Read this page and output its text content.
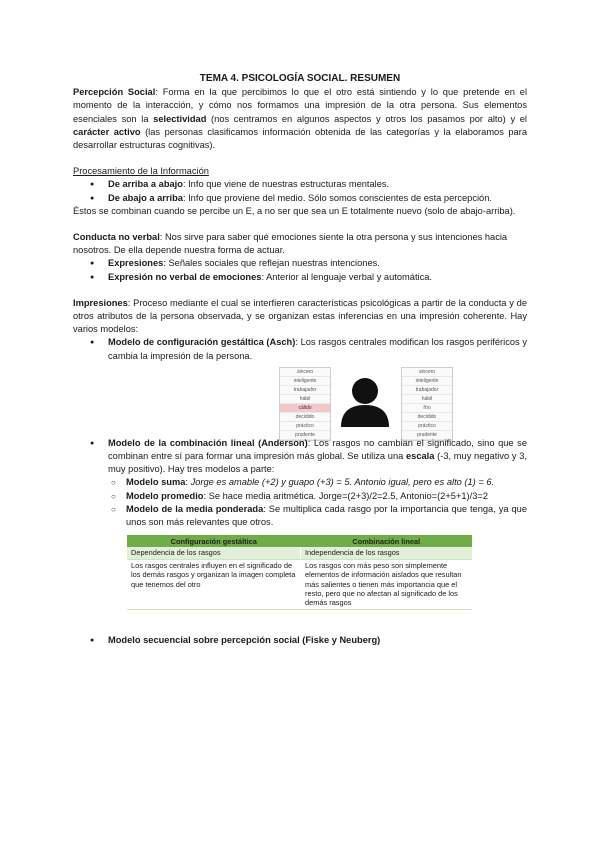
TEMA 4. PSICOLOGÍA SOCIAL. RESUMEN

Percepción Social: Forma en la que percibimos lo que el otro está sintiendo y lo que pretende en el momento de la interacción, y cómo nos formamos una impresión de la otra persona. Sus elementos esenciales son la selectividad (nos centramos en algunos aspectos y otros los pasamos por alto) y el carácter activo (las personas clasificamos información obtenida de las categorías y la elaboramos para desarrollar estructuras cognitivas).

Procesamiento de la Información

● De arriba a abajo: Info que viene de nuestras estructuras mentales.
● De abajo a arriba: Info que proviene del medio. Sólo somos conscientes de esta percepción.

Éstos se combinan cuando se percibe un E, a no ser que sea un E totalmente nuevo (solo de abajo-arriba).

Conducta no verbal: Nos sirve para saber qué emociones siente la otra persona y sus intenciones hacia nosotros. De ella depende nuestra forma de actuar.

● Expresiones: Señales sociales que reflejan nuestras intenciones.
● Expresión no verbal de emociones: Anterior al lenguaje verbal y automática.

Impresiones: Proceso mediante el cual se interfieren características psicológicas a partir de la conducta y de otros atributos de la persona observada, y se organizan estas inferencias en una impresión coherente. Hay varios modelos:

● Modelo de configuración gestáltica (Asch): Los rasgos centrales modifican los rasgos periféricos y cambia la impresión de la persona.
sincero
inteligente
trabajador
hábil
cálido
decidido
práctico
prudente
sincero
inteligente
trabajador
hábil
frío
decidido
práctico
prudente
● Modelo de la combinación lineal (Anderson): Los rasgos no cambian el significado, sino que se combinan entre sí para formar una impresión más global. Se utiliza una escala (-3, muy negativo y 3, muy positivo). Hay tres modelos a parte:
○ Modelo suma: Jorge es amable (+2) y guapo (+3) = 5. Antonio igual, pero es alto (1) = 6.
○ Modelo promedio: Se hace media aritmética. Jorge=(2+3)/2=2.5, Antonio=(2+5+1)/3=2
○ Modelo de la media ponderada: Se multiplica cada rasgo por la importancia que tenga, ya que unos son más relevantes que otros.
Configuración gestáltica	Combinación lineal
Dependencia de los rasgos	Independencia de los rasgos
Los rasgos centrales influyen en el significado de los demás rasgos y organizan la imagen completa que tenemos del otro	Los rasgos con más peso son simplemente elementos de información aislados que resultan más salientes o tienen más importancia que el resto, pero que no afectan al significado de los demás rasgos
● Modelo secuencial sobre percepción social (Fiske y Neuberg)
